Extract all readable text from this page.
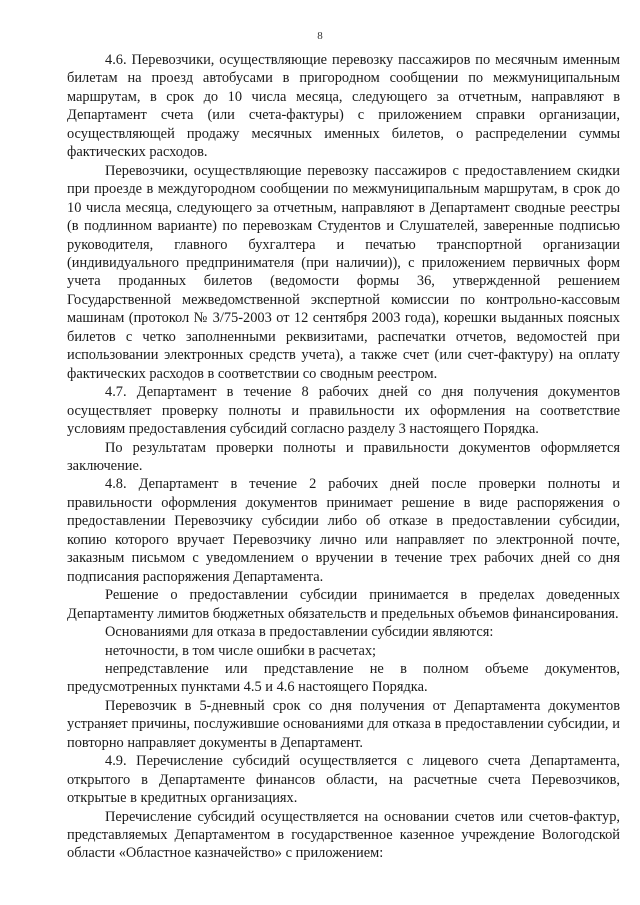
8

4.6. Перевозчики, осуществляющие перевозку пассажиров по месячным именным билетам на проезд автобусами в пригородном сообщении по межмуниципальным маршрутам, в срок до 10 числа месяца, следующего за отчетным, направляют в Департамент счета (или счета-фактуры) с приложением справки организации, осуществляющей продажу месячных именных билетов, о распределении суммы фактических расходов.

Перевозчики, осуществляющие перевозку пассажиров с предоставлением скидки при проезде в междугородном сообщении по межмуниципальным маршрутам, в срок до 10 числа месяца, следующего за отчетным, направляют в Департамент сводные реестры (в подлинном варианте) по перевозкам Студентов и Слушателей, заверенные подписью руководителя, главного бухгалтера и печатью транспортной организации (индивидуального предпринимателя (при наличии)), с приложением первичных форм учета проданных билетов (ведомости формы 36, утвержденной решением Государственной межведомственной экспертной комиссии по контрольно-кассовым машинам (протокол № 3/75-2003 от 12 сентября 2003 года), корешки выданных поясных билетов с четко заполненными реквизитами, распечатки отчетов, ведомостей при использовании электронных средств учета), а также счет (или счет-фактуру) на оплату фактических расходов в соответствии со сводным реестром.

4.7. Департамент в течение 8 рабочих дней со дня получения документов осуществляет проверку полноты и правильности их оформления на соответствие условиям предоставления субсидий согласно разделу 3 настоящего Порядка.

По результатам проверки полноты и правильности документов оформляется заключение.

4.8. Департамент в течение 2 рабочих дней после проверки полноты и правильности оформления документов принимает решение в виде распоряжения о предоставлении Перевозчику субсидии либо об отказе в предоставлении субсидии, копию которого вручает Перевозчику лично или направляет по электронной почте, заказным письмом с уведомлением о вручении в течение трех рабочих дней со дня подписания распоряжения Департамента.

Решение о предоставлении субсидии принимается в пределах доведенных Департаменту лимитов бюджетных обязательств и предельных объемов финансирования.

Основаниями для отказа в предоставлении субсидии являются:

неточности, в том числе ошибки в расчетах;

непредставление или представление не в полном объеме документов, предусмотренных пунктами 4.5 и 4.6 настоящего Порядка.

Перевозчик в 5-дневный срок со дня получения от Департамента документов устраняет причины, послужившие основаниями для отказа в предоставлении субсидии, и повторно направляет документы в Департамент.

4.9. Перечисление субсидий осуществляется с лицевого счета Департамента, открытого в Департаменте финансов области, на расчетные счета Перевозчиков, открытые в кредитных организациях.

Перечисление субсидий осуществляется на основании счетов или счетов-фактур, представляемых Департаментом в государственное казенное учреждение Вологодской области «Областное казначейство» с приложением:
